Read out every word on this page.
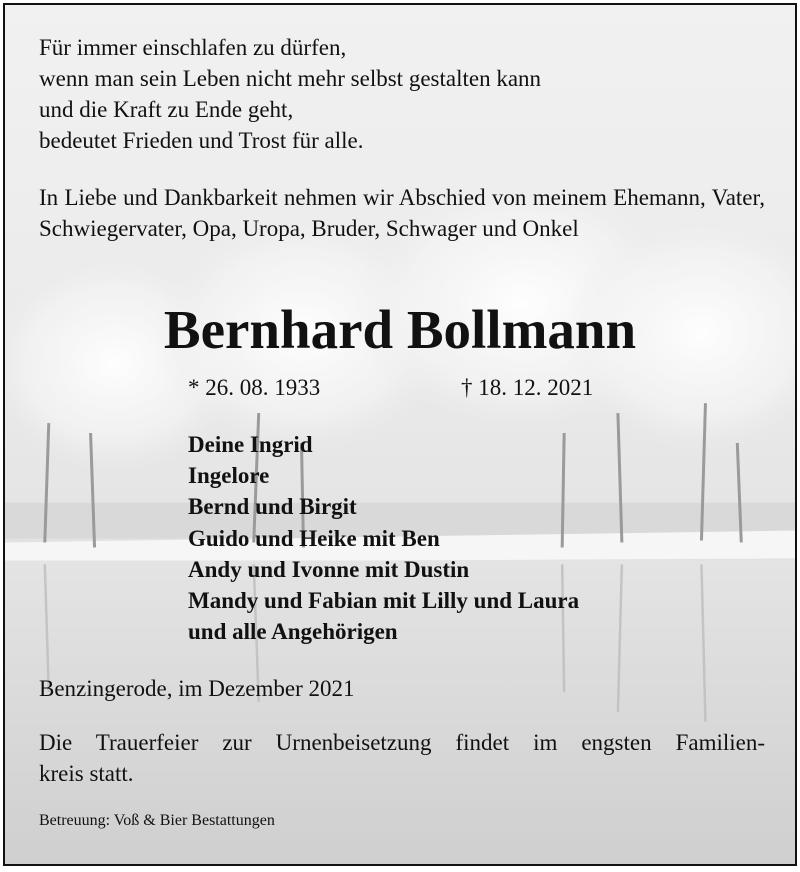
Für immer einschlafen zu dürfen,
wenn man sein Leben nicht mehr selbst gestalten kann
und die Kraft zu Ende geht,
bedeutet Frieden und Trost für alle.

In Liebe und Dankbarkeit nehmen wir Abschied von meinem Ehemann, Vater, Schwiegervater, Opa, Uropa, Bruder, Schwager und Onkel

Bernhard Bollmann
* 26. 08. 1933	† 18. 12. 2021
Deine Ingrid
Ingelore
Bernd und Birgit
Guido und Heike mit Ben
Andy und Ivonne mit Dustin
Mandy und Fabian mit Lilly und Laura
und alle Angehörigen
Benzingerode, im Dezember 2021

Die Trauerfeier zur Urnenbeisetzung findet im engsten Familien-
kreis statt.

Betreuung: Voß & Bier Bestattungen
